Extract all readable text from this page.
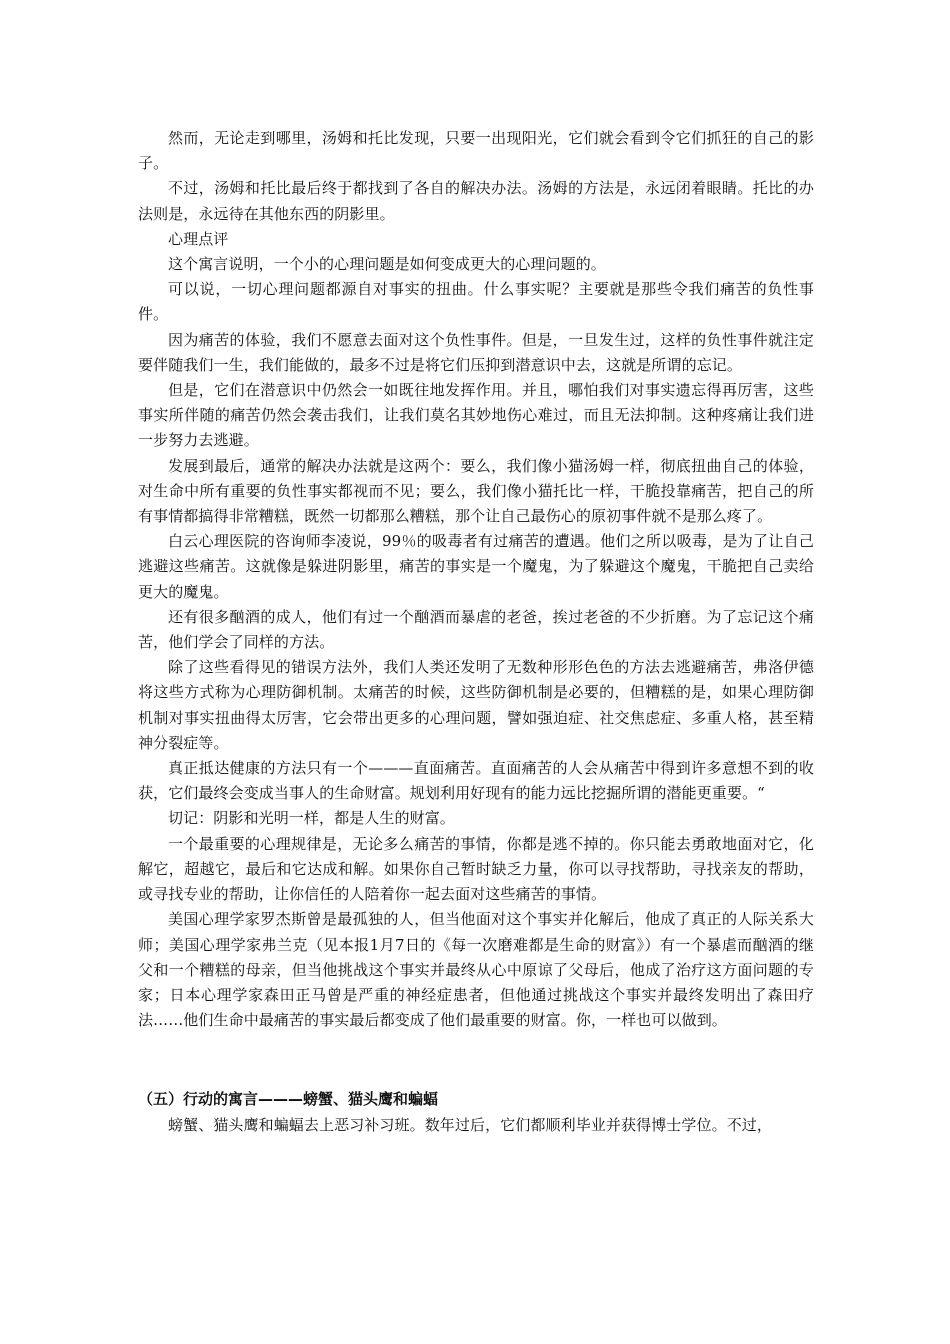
然而，无论走到哪里，汤姆和托比发现，只要一出现阳光，它们就会看到令它们抓狂的自己的影子。

不过，汤姆和托比最后终于都找到了各自的解决办法。汤姆的方法是，永远闭着眼睛。托比的办法则是，永远待在其他东西的阴影里。

心理点评

这个寓言说明，一个小的心理问题是如何变成更大的心理问题的。

可以说，一切心理问题都源自对事实的扭曲。什么事实呢？主要就是那些令我们痛苦的负性事件。

因为痛苦的体验，我们不愿意去面对这个负性事件。但是，一旦发生过，这样的负性事件就注定要伴随我们一生，我们能做的，最多不过是将它们压抑到潜意识中去，这就是所谓的忘记。

但是，它们在潜意识中仍然会一如既往地发挥作用。并且，哪怕我们对事实遗忘得再厉害，这些事实所伴随的痛苦仍然会袭击我们，让我们莫名其妙地伤心难过，而且无法抑制。这种疼痛让我们进一步努力去逃避。

发展到最后，通常的解决办法就是这两个：要么，我们像小猫汤姆一样，彻底扭曲自己的体验，对生命中所有重要的负性事实都视而不见；要么，我们像小猫托比一样，干脆投靠痛苦，把自己的所有事情都搞得非常糟糕，既然一切都那么糟糕，那个让自己最伤心的原初事件就不是那么疼了。

白云心理医院的咨询师李凌说，99％的吸毒者有过痛苦的遭遇。他们之所以吸毒，是为了让自己逃避这些痛苦。这就像是躲进阴影里，痛苦的事实是一个魔鬼，为了躲避这个魔鬼，干脆把自己卖给更大的魔鬼。

还有很多酗酒的成人，他们有过一个酗酒而暴虐的老爸，挨过老爸的不少折磨。为了忘记这个痛苦，他们学会了同样的方法。

除了这些看得见的错误方法外，我们人类还发明了无数种形形色色的方法去逃避痛苦，弗洛伊德将这些方式称为心理防御机制。太痛苦的时候，这些防御机制是必要的，但糟糕的是，如果心理防御机制对事实扭曲得太厉害，它会带出更多的心理问题，譬如强迫症、社交焦虑症、多重人格，甚至精神分裂症等。

真正抵达健康的方法只有一个———直面痛苦。直面痛苦的人会从痛苦中得到许多意想不到的收获，它们最终会变成当事人的生命财富。规划利用好现有的能力远比挖掘所谓的潜能更重要。“

切记：阴影和光明一样，都是人生的财富。

一个最重要的心理规律是，无论多么痛苦的事情，你都是逃不掉的。你只能去勇敢地面对它，化解它，超越它，最后和它达成和解。如果你自己暂时缺乏力量，你可以寻找帮助，寻找亲友的帮助，或寻找专业的帮助，让你信任的人陪着你一起去面对这些痛苦的事情。

美国心理学家罗杰斯曾是最孤独的人，但当他面对这个事实并化解后，他成了真正的人际关系大师；美国心理学家弗兰克（见本报1月7日的《每一次磨难都是生命的财富》）有一个暴虐而酗酒的继父和一个糟糕的母亲，但当他挑战这个事实并最终从心中原谅了父母后，他成了治疗这方面问题的专家；日本心理学家森田正马曾是严重的神经症患者，但他通过挑战这个事实并最终发明出了森田疗法……他们生命中最痛苦的事实最后都变成了他们最重要的财富。你，一样也可以做到。

（五）行动的寓言———螃蟹、猫头鹰和蝙蝠

螃蟹、猫头鹰和蝙蝠去上恶习补习班。数年过后，它们都顺利毕业并获得博士学位。不过，
